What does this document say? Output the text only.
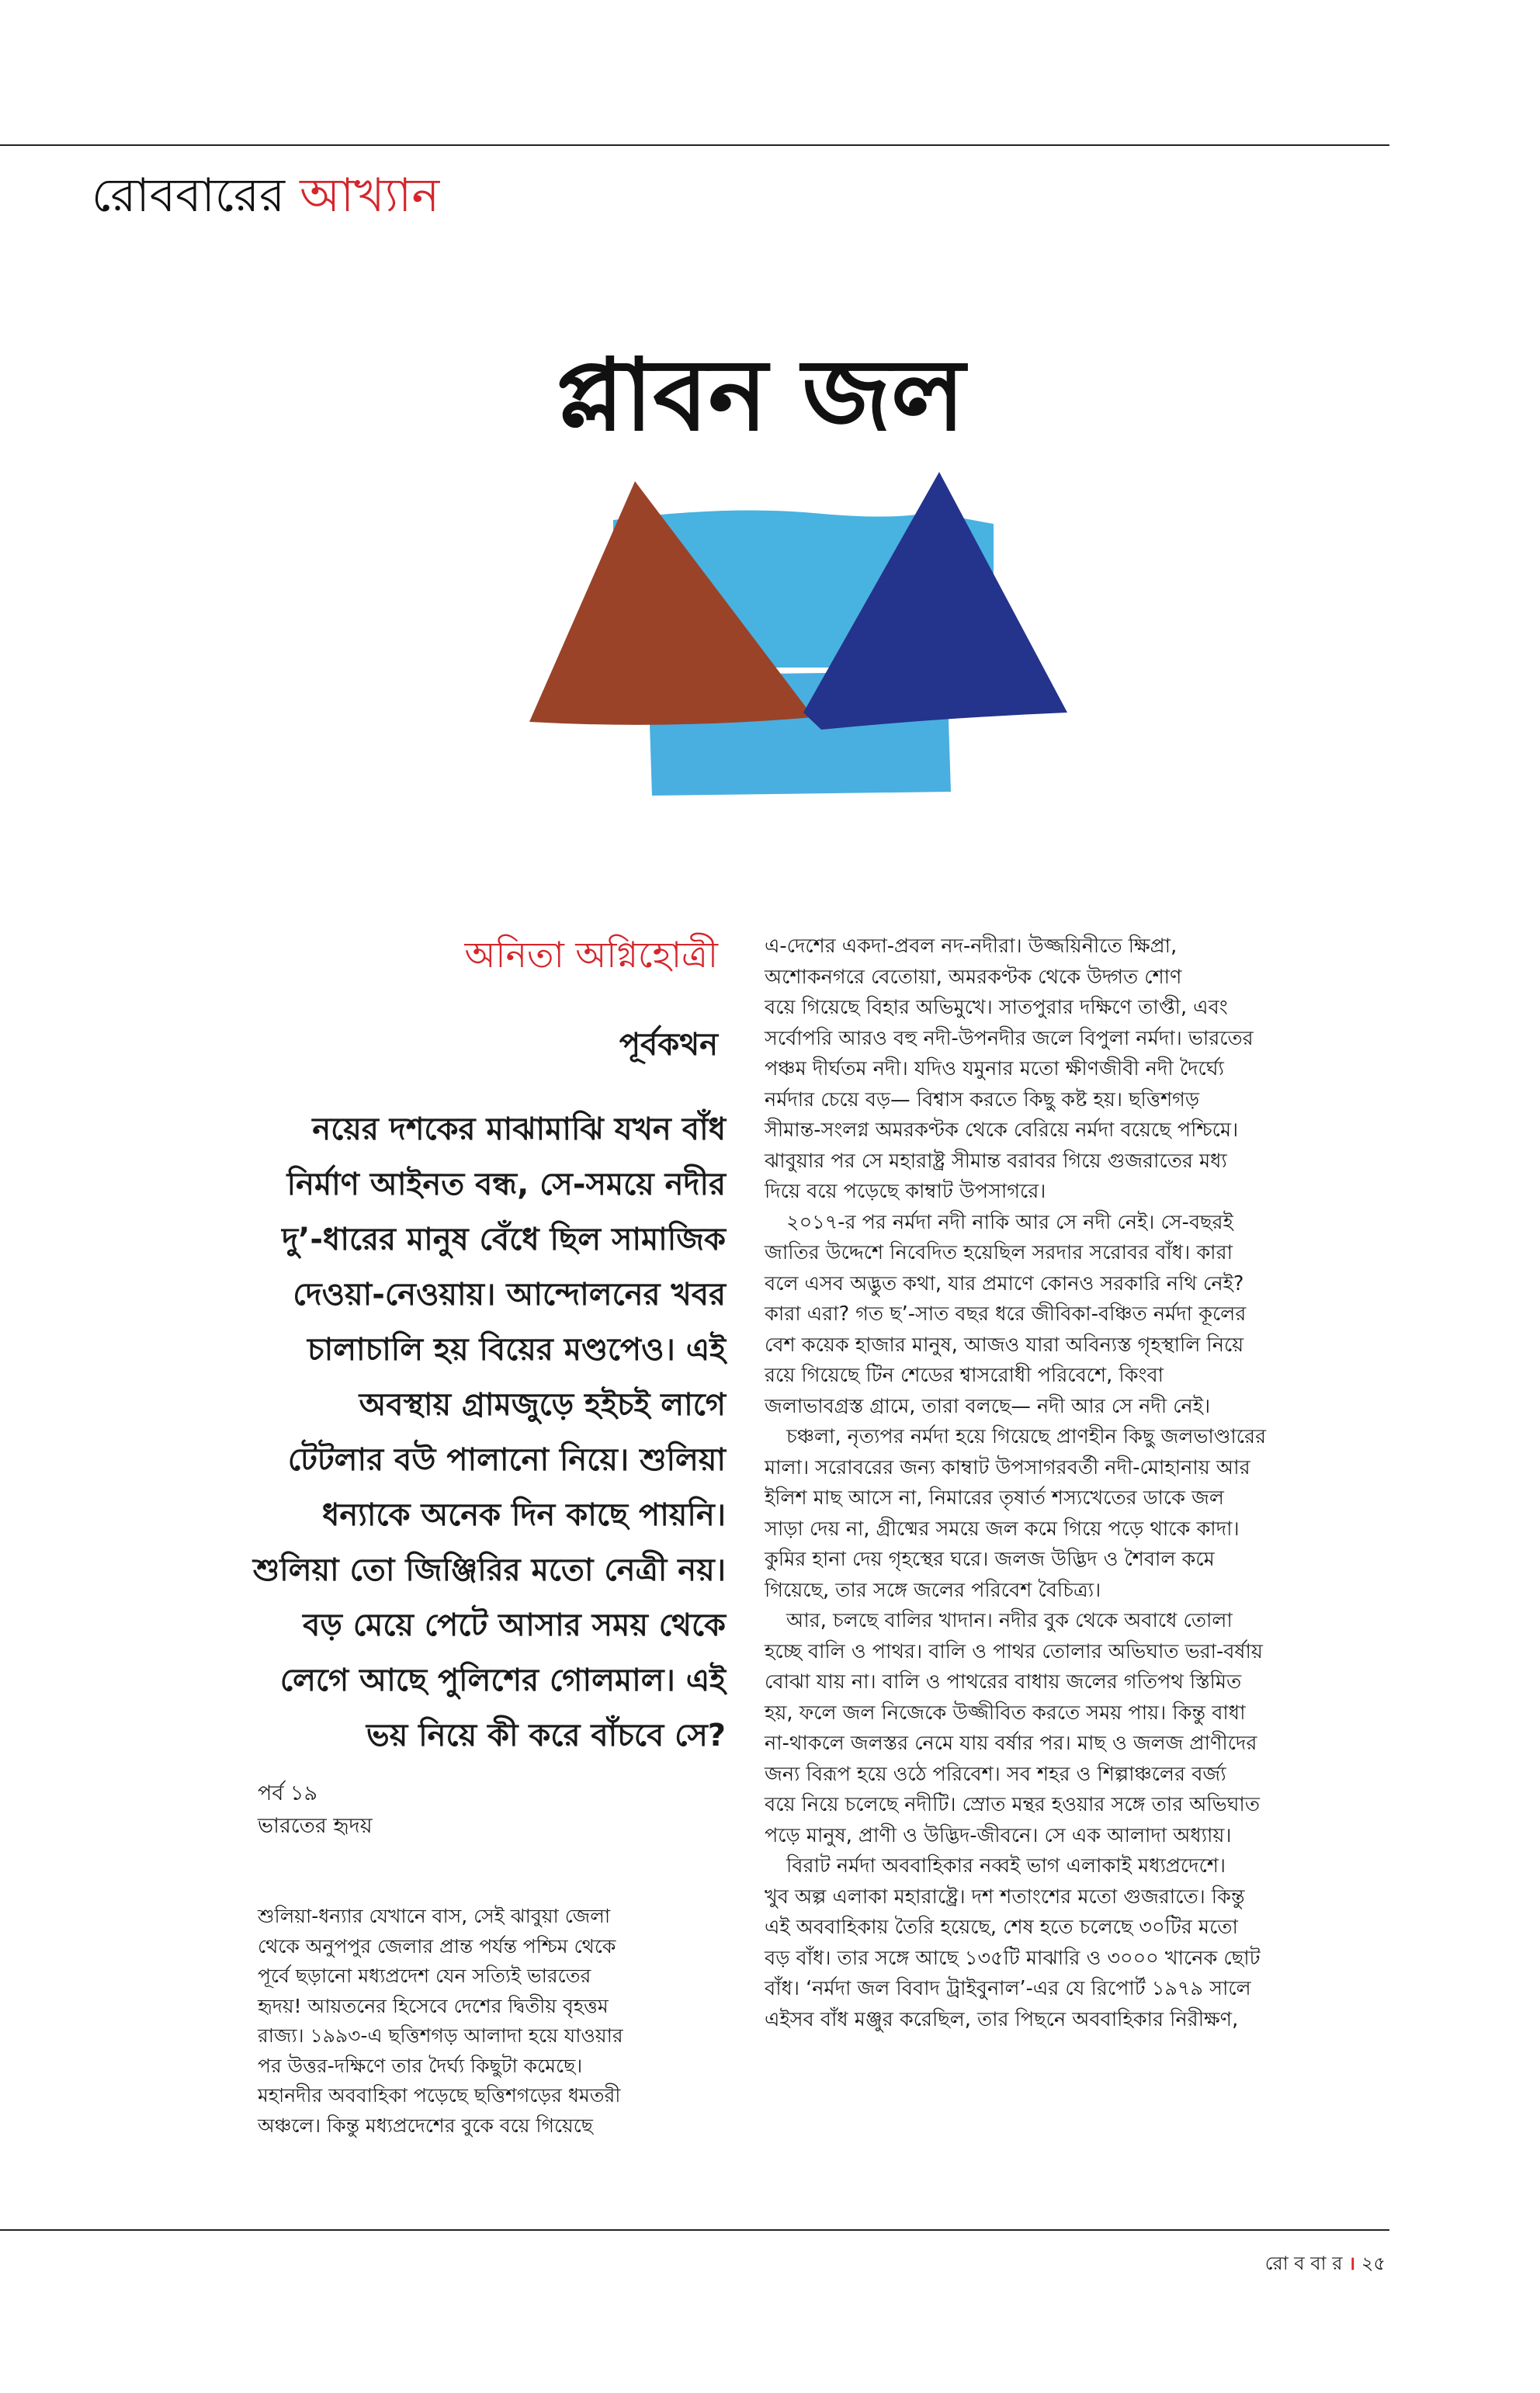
রোববারের আখ্যান
প্লাবন জল
অনিতা অগ্নিহোত্রী
পূর্বকথন
নয়ের দশকের মাঝামাঝি যখন বাঁধ
নির্মাণ আইনত বন্ধ, সে-সময়ে নদীর
দু’-ধারের মানুষ বেঁধে ছিল সামাজিক
দেওয়া-নেওয়ায়। আন্দোলনের খবর
চালাচালি হয় বিয়ের মণ্ডপেও। এই
অবস্থায় গ্রামজুড়ে হইচই লাগে
টেটলার বউ পালানো নিয়ে। শুলিয়া
ধন্যাকে অনেক দিন কাছে পায়নি।
শুলিয়া তো জিঞ্জিরির মতো নেত্রী নয়।
বড় মেয়ে পেটে আসার সময় থেকে
লেগে আছে পুলিশের গোলমাল। এই
ভয় নিয়ে কী করে বাঁচবে সে?
পর্ব ১৯
ভারতের হৃদয়
শুলিয়া-ধন্যার যেখানে বাস, সেই ঝাবুয়া জেলা
থেকে অনুপপুর জেলার প্রান্ত পর্যন্ত পশ্চিম থেকে
পূর্বে ছড়ানো মধ্যপ্রদেশ যেন সত্যিই ভারতের
হৃদয়! আয়তনের হিসেবে দেশের দ্বিতীয় বৃহত্তম
রাজ্য। ১৯৯৩-এ ছত্তিশগড় আলাদা হয়ে যাওয়ার
পর উত্তর-দক্ষিণে তার দৈর্ঘ্য কিছুটা কমেছে।
মহানদীর অববাহিকা পড়েছে ছত্তিশগড়ের ধমতরী
অঞ্চলে। কিন্তু মধ্যপ্রদেশের বুকে বয়ে গিয়েছে
এ-দেশের একদা-প্রবল নদ-নদীরা। উজ্জয়িনীতে ক্ষিপ্রা,
অশোকনগরে বেতোয়া, অমরকণ্টক থেকে উদ্গত শোণ
বয়ে গিয়েছে বিহার অভিমুখে। সাতপুরার দক্ষিণে তাপ্তী, এবং
সর্বোপরি আরও বহু নদী-উপনদীর জলে বিপুলা নর্মদা। ভারতের
পঞ্চম দীর্ঘতম নদী। যদিও যমুনার মতো ক্ষীণজীবী নদী দৈর্ঘ্যে
নর্মদার চেয়ে বড়— বিশ্বাস করতে কিছু কষ্ট হয়। ছত্তিশগড়
সীমান্ত-সংলগ্ন অমরকণ্টক থেকে বেরিয়ে নর্মদা বয়েছে পশ্চিমে।
ঝাবুয়ার পর সে মহারাষ্ট্র সীমান্ত বরাবর গিয়ে গুজরাতের মধ্য
দিয়ে বয়ে পড়েছে কাম্বাট উপসাগরে।
২০১৭-র পর নর্মদা নদী নাকি আর সে নদী নেই। সে-বছরই
জাতির উদ্দেশে নিবেদিত হয়েছিল সরদার সরোবর বাঁধ। কারা
বলে এসব অদ্ভুত কথা, যার প্রমাণে কোনও সরকারি নথি নেই?
কারা এরা? গত ছ’-সাত বছর ধরে জীবিকা-বঞ্চিত নর্মদা কূলের
বেশ কয়েক হাজার মানুষ, আজও যারা অবিন্যস্ত গৃহস্থালি নিয়ে
রয়ে গিয়েছে টিন শেডের শ্বাসরোধী পরিবেশে, কিংবা
জলাভাবগ্রস্ত গ্রামে, তারা বলছে— নদী আর সে নদী নেই।
চঞ্চলা, নৃত্যপর নর্মদা হয়ে গিয়েছে প্রাণহীন কিছু জলভাণ্ডারের
মালা। সরোবরের জন্য কাম্বাট উপসাগরবর্তী নদী-মোহানায় আর
ইলিশ মাছ আসে না, নিমারের তৃষার্ত শস্যখেতের ডাকে জল
সাড়া দেয় না, গ্রীষ্মের সময়ে জল কমে গিয়ে পড়ে থাকে কাদা।
কুমির হানা দেয় গৃহস্থের ঘরে। জলজ উদ্ভিদ ও শৈবাল কমে
গিয়েছে, তার সঙ্গে জলের পরিবেশ বৈচিত্র্য।
আর, চলছে বালির খাদান। নদীর বুক থেকে অবাধে তোলা
হচ্ছে বালি ও পাথর। বালি ও পাথর তোলার অভিঘাত ভরা-বর্ষায়
বোঝা যায় না। বালি ও পাথরের বাধায় জলের গতিপথ স্তিমিত
হয়, ফলে জল নিজেকে উজ্জীবিত করতে সময় পায়। কিন্তু বাধা
না-থাকলে জলস্তর নেমে যায় বর্ষার পর। মাছ ও জলজ প্রাণীদের
জন্য বিরূপ হয়ে ওঠে পরিবেশ। সব শহর ও শিল্পাঞ্চলের বর্জ্য
বয়ে নিয়ে চলেছে নদীটি। স্রোত মন্থর হওয়ার সঙ্গে তার অভিঘাত
পড়ে মানুষ, প্রাণী ও উদ্ভিদ-জীবনে। সে এক আলাদা অধ্যায়।
বিরাট নর্মদা অববাহিকার নব্বই ভাগ এলাকাই মধ্যপ্রদেশে।
খুব অল্প এলাকা মহারাষ্ট্রে। দশ শতাংশের মতো গুজরাতে। কিন্তু
এই অববাহিকায় তৈরি হয়েছে, শেষ হতে চলেছে ৩০টির মতো
বড় বাঁধ। তার সঙ্গে আছে ১৩৫টি মাঝারি ও ৩০০০ খানেক ছোট
বাঁধ। ‘নর্মদা জল বিবাদ ট্রাইবুনাল’-এর যে রিপোর্ট ১৯৭৯ সালে
এইসব বাঁধ মঞ্জুর করেছিল, তার পিছনে অববাহিকার নিরীক্ষণ,
রো ব বা র । ২৫
